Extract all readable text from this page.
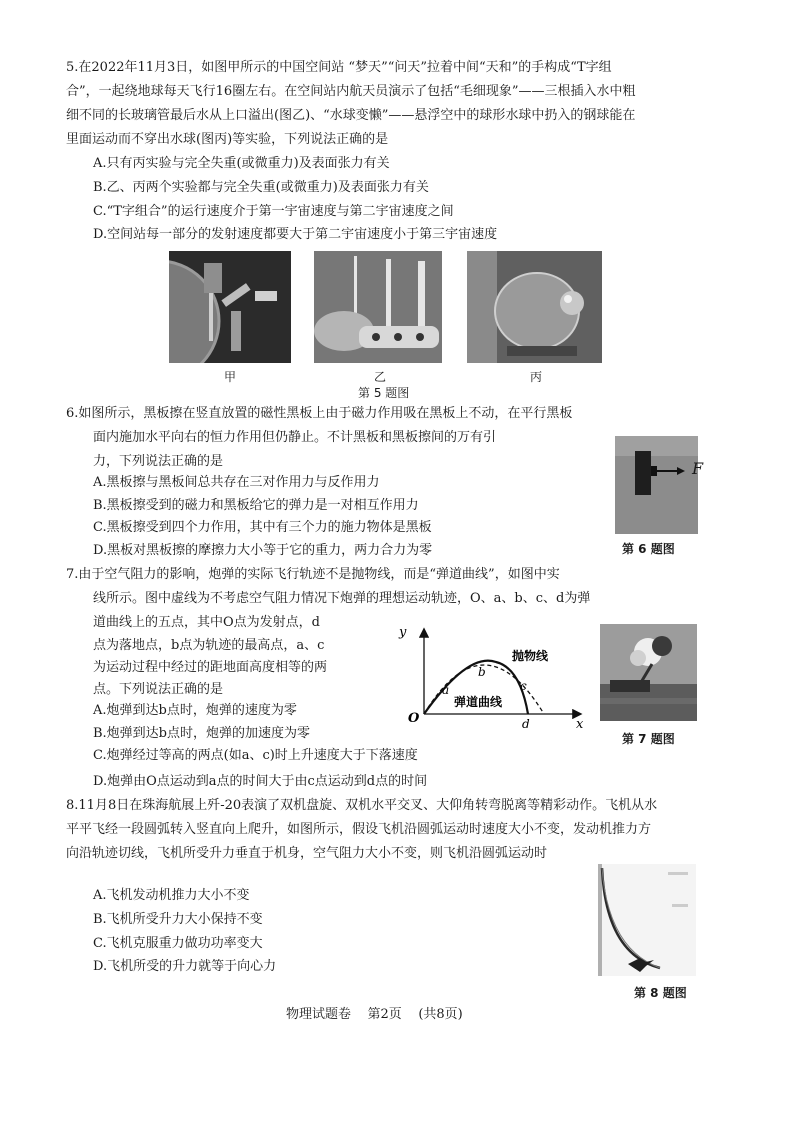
5.在2022年11月3日，如图甲所示的中国空间站 “梦天”“问天”拉着中间“天和”的手构成“T字组
合”，一起绕地球每天飞行16圈左右。在空间站内航天员演示了包括“毛细现象”——三根插入水中粗
细不同的长玻璃管最后水从上口溢出(图乙)、“水球变懒”——悬浮空中的球形水球中扔入的钢球能在
里面运动而不穿出水球(图丙)等实验，下列说法正确的是
A.只有丙实验与完全失重(或微重力)及表面张力有关
B.乙、丙两个实验都与完全失重(或微重力)及表面张力有关
C.“T字组合”的运行速度介于第一宇宙速度与第二宇宙速度之间
D.空间站每一部分的发射速度都要大于第二宇宙速度小于第三宇宙速度
甲	乙	丙
第 5 题图
6.如图所示，黑板擦在竖直放置的磁性黑板上由于磁力作用吸在黑板上不动，在平行黑板
面内施加水平向右的恒力作用但仍静止。不计黑板和黑板擦间的万有引
力，下列说法正确的是
A.黑板擦与黑板间总共存在三对作用力与反作用力
B.黑板擦受到的磁力和黑板给它的弹力是一对相互作用力
C.黑板擦受到四个力作用，其中有三个力的施力物体是黑板
D.黑板对黑板擦的摩擦力大小等于它的重力，两力合力为零
F
第 6 题图
7.由于空气阻力的影响，炮弹的实际飞行轨迹不是抛物线，而是“弹道曲线”，如图中实
线所示。图中虚线为不考虑空气阻力情况下炮弹的理想运动轨迹，O、a、b、c、d为弹
道曲线上的五点，其中O点为发射点，d
点为落地点，b点为轨迹的最高点，a、c
为运动过程中经过的距地面高度相等的两
点。下列说法正确的是
A.炮弹到达b点时，炮弹的速度为零
B.炮弹到达b点时，炮弹的加速度为零
C.炮弹经过等高的两点(如a、c)时上升速度大于下落速度
D.炮弹由O点运动到a点的时间大于由c点运动到d点的时间
y
x
O
a
b
c
d
抛物线
弹道曲线
第 7 题图
8.11月8日在珠海航展上歼-20表演了双机盘旋、双机水平交叉、大仰角转弯脱离等精彩动作。飞机从水
平平飞经一段圆弧转入竖直向上爬升，如图所示，假设飞机沿圆弧运动时速度大小不变，发动机推力方
向沿轨迹切线，飞机所受升力垂直于机身，空气阻力大小不变，则飞机沿圆弧运动时
A.飞机发动机推力大小不变
B.飞机所受升力大小保持不变
C.飞机克服重力做功功率变大
D.飞机所受的升力就等于向心力
第 8 题图
物理试题卷    第2页    (共8页)
